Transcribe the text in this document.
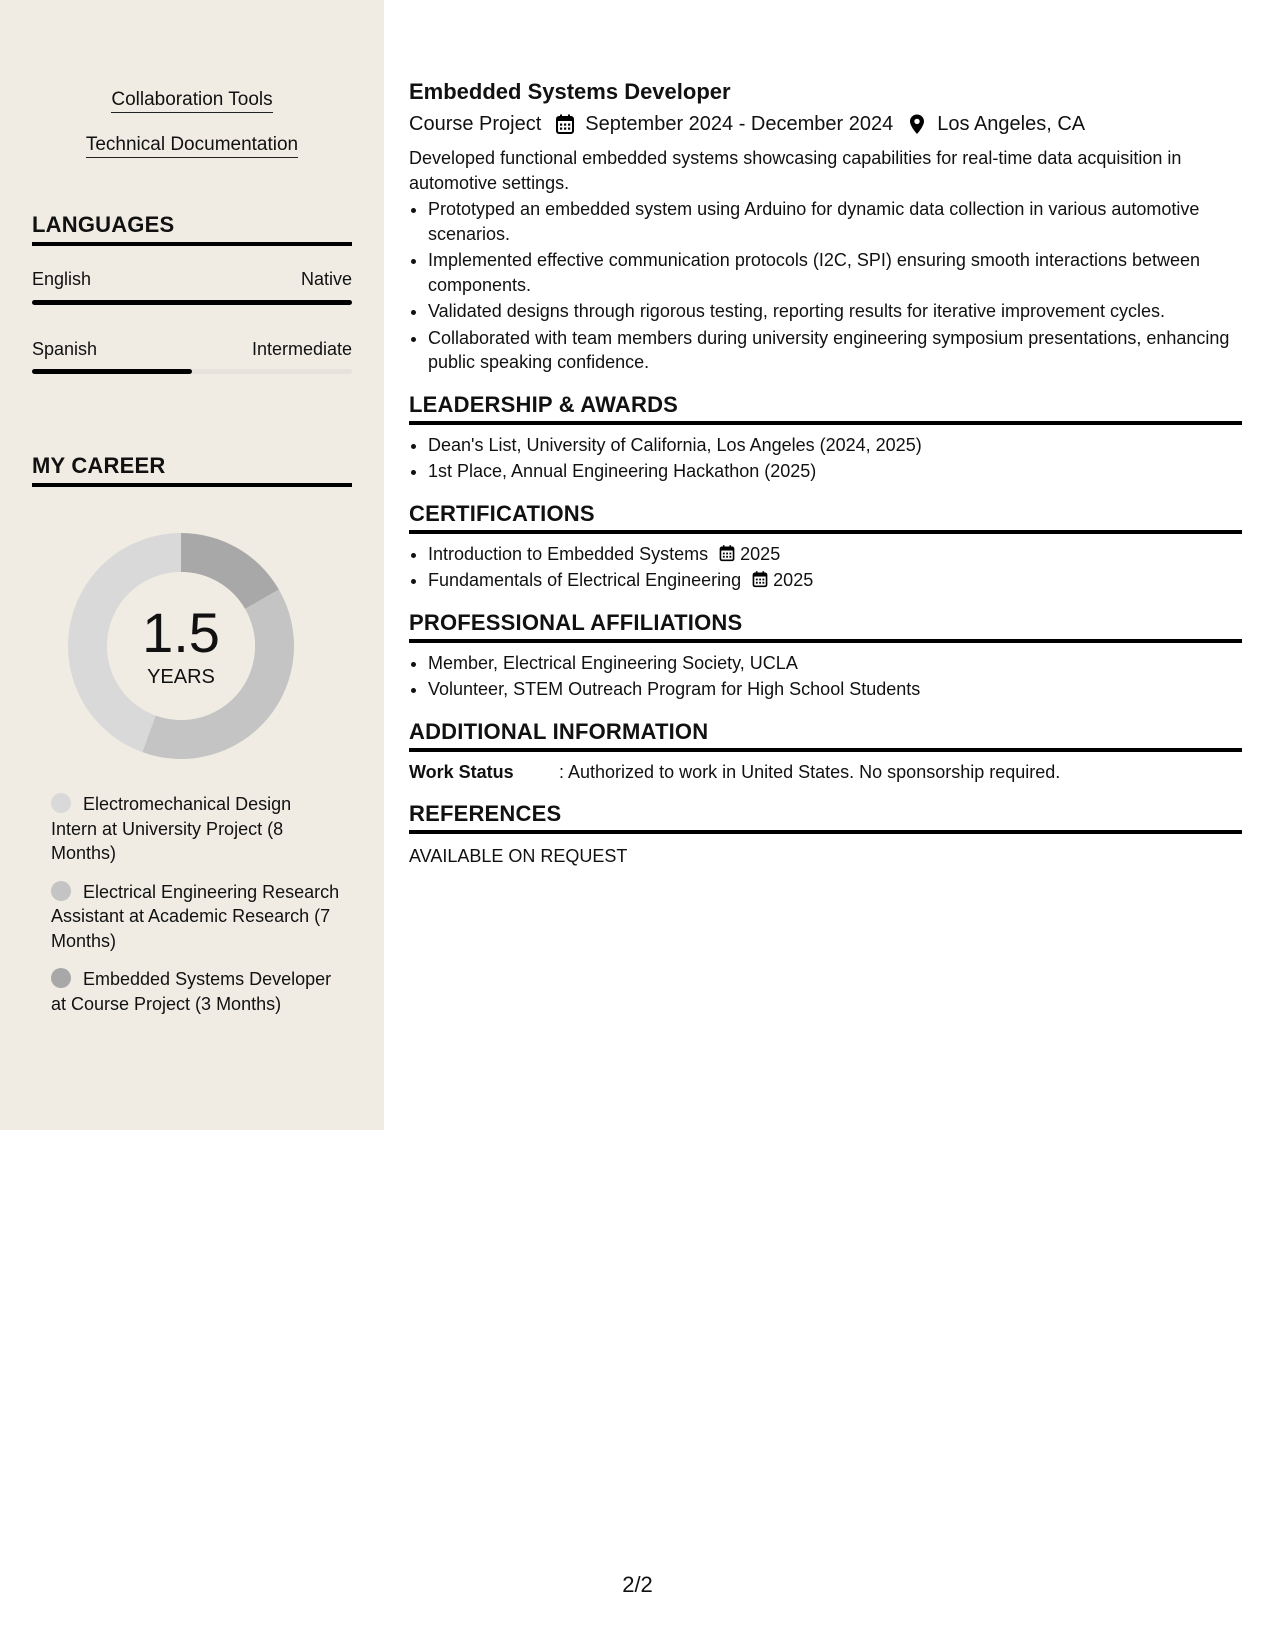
Collaboration Tools
Technical Documentation
LANGUAGES
English	Native
Spanish	Intermediate
MY CAREER
1.5
YEARS
Electromechanical Design Intern at University Project (8 Months)
Electrical Engineering Research Assistant at Academic Research (7 Months)
Embedded Systems Developer at Course Project (3 Months)
Embedded Systems Developer
Course Project September 2024 - December 2024 Los Angeles, CA
Developed functional embedded systems showcasing capabilities for real-time data acquisition in automotive settings.
• Prototyped an embedded system using Arduino for dynamic data collection in various automotive scenarios.
• Implemented effective communication protocols (I2C, SPI) ensuring smooth interactions between components.
• Validated designs through rigorous testing, reporting results for iterative improvement cycles.
• Collaborated with team members during university engineering symposium presentations, enhancing public speaking confidence.
LEADERSHIP & AWARDS
• Dean's List, University of California, Los Angeles (2024, 2025)
• 1st Place, Annual Engineering Hackathon (2025)
CERTIFICATIONS
• Introduction to Embedded Systems 2025
• Fundamentals of Electrical Engineering 2025
PROFESSIONAL AFFILIATIONS
• Member, Electrical Engineering Society, UCLA
• Volunteer, STEM Outreach Program for High School Students
ADDITIONAL INFORMATION
Work Status	: Authorized to work in United States. No sponsorship required.
REFERENCES
AVAILABLE ON REQUEST
2/2
